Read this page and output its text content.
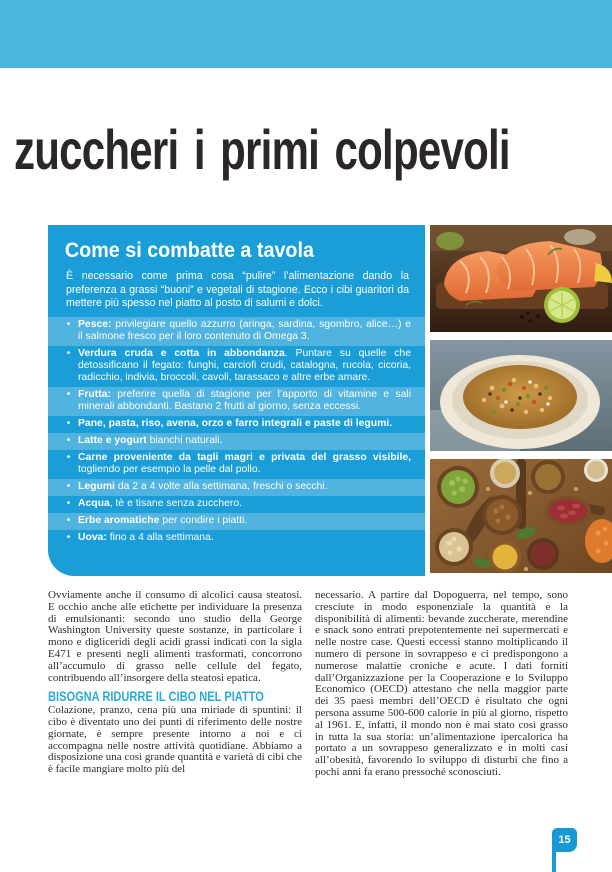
zuccheri i primi colpevoli
Come si combatte a tavola

È necessario come prima cosa “pulire” l’alimentazione dando la preferenza a grassi “buoni” e vegetali di stagione. Ecco i cibi guaritori da mettere più spesso nel piatto al posto di salumi e dolci.

• Pesce: privilegiare quello azzurro (aringa, sardina, sgombro, alice…) e il salmone fresco per il loro contenuto di Omega 3.
• Verdura cruda e cotta in abbondanza. Puntare su quelle che detossificano il fegato: funghi, carciofi crudi, catalogna, rucola, cicoria, radicchio, indivia, broccoli, cavoli, tarassaco e altre erbe amare.
• Frutta: preferire quella di stagione per l’apporto di vitamine e sali minerali abbondanti. Bastano 2 frutti al giorno, senza eccessi.
• Pane, pasta, riso, avena, orzo e farro integrali e paste di legumi.
• Latte e yogurt bianchi naturali.
• Carne proveniente da tagli magri e privata del grasso visibile, togliendo per esempio la pelle dal pollo.
• Legumi da 2 a 4 volte alla settimana, freschi o secchi.
• Acqua, tè e tisane senza zucchero.
• Erbe aromatiche per condire i piatti.
• Uova: fino a 4 alla settimana.

Ovviamente anche il consumo di alcolici causa steatosi. E occhio anche alle etichette per individuare la presenza di emulsionanti: secondo uno studio della George Washington University queste sostanze, in particolare i mono e digliceridi degli acidi grassi indicati con la sigla E471 e presenti negli alimenti trasformati, concorrono all’accumulo di grasso nelle cellule del fegato, contribuendo all’insorgere della steatosi epatica.

BISOGNA RIDURRE IL CIBO NEL PIATTO

Colazione, pranzo, cena più una miriade di spuntini: il cibo è diventato uno dei punti di riferimento delle nostre giornate, è sempre presente intorno a noi e ci accompagna nelle nostre attività quotidiane. Abbiamo a disposizione una così grande quantità e varietà di cibi che è facile mangiare molto più del

necessario. A partire dal Dopoguerra, nel tempo, sono cresciute in modo esponenziale la quantità e la disponibilità di alimenti: bevande zuccherate, merendine e snack sono entrati prepotentemente nei supermercati e nelle nostre case. Questi eccessi stanno moltiplicando il numero di persone in sovrappeso e ci predispongono a numerose malattie croniche e acute. I dati forniti dall’Organizzazione per la Cooperazione e lo Sviluppo Economico (OECD) attestano che nella maggior parte dei 35 paesi membri dell’OECD è risultato che ogni persona assume 500-600 calorie in più al giorno, rispetto al 1961. E, infatti, il mondo non è mai stato così grasso in tutta la sua storia: un’alimentazione ipercalorica ha portato a un sovrappeso generalizzato e in molti casi all’obesità, favorendo lo sviluppo di disturbi che fino a pochi anni fa erano pressoché sconosciuti.

15
